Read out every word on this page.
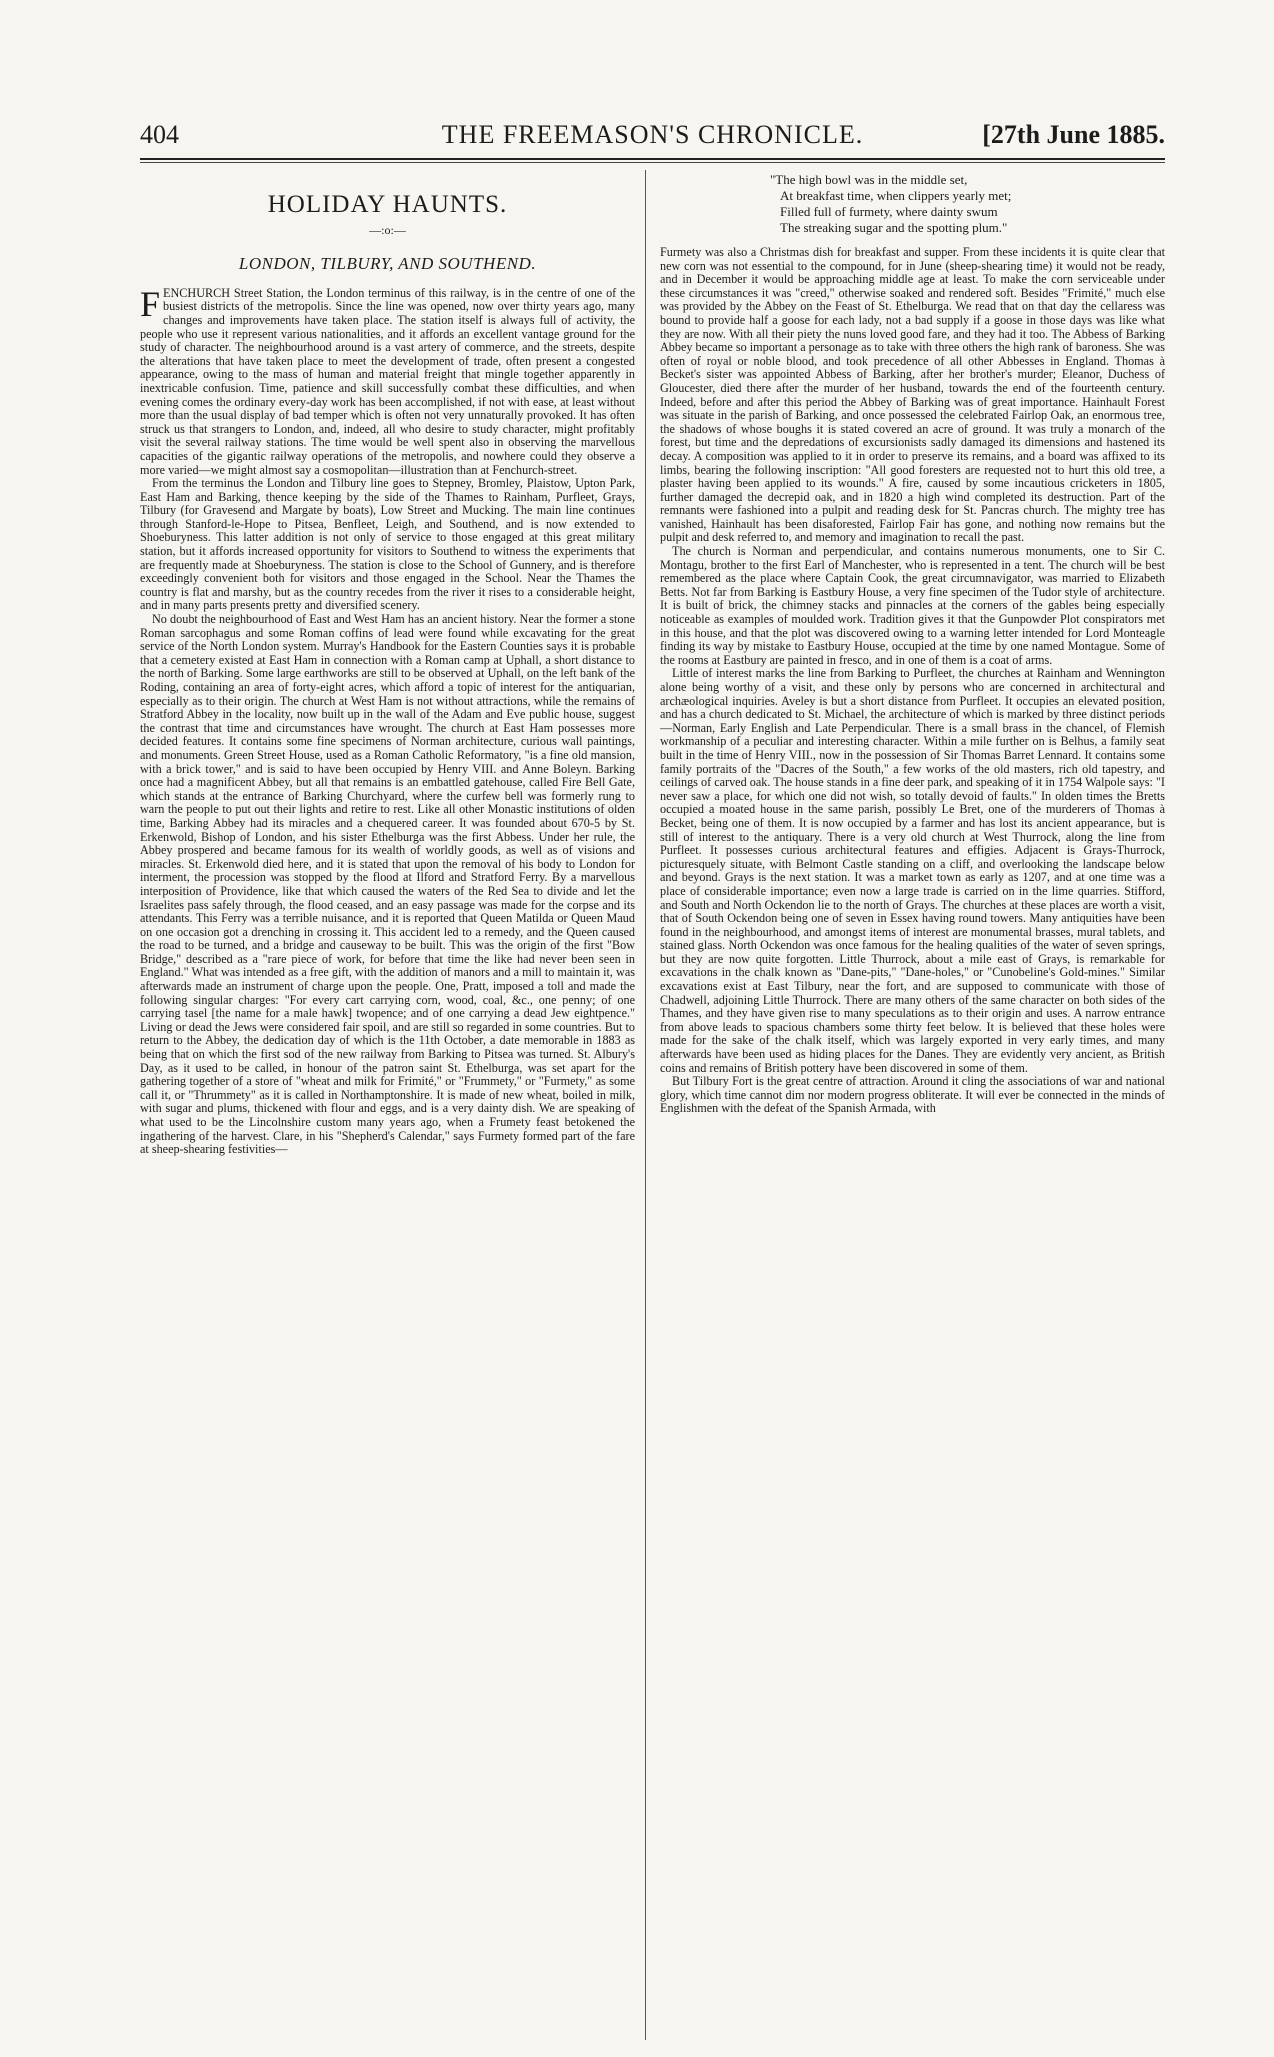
404	THE FREEMASON'S CHRONICLE.	[27th June 1885.
HOLIDAY HAUNTS.
—:o:—
LONDON, TILBURY, AND SOUTHEND.

FENCHURCH Street Station, the London terminus of this railway, is in the centre of one of the busiest districts of the metropolis. Since the line was opened, now over thirty years ago, many changes and improvements have taken place. The station itself is always full of activity, the people who use it represent various nationalities, and it affords an excellent vantage ground for the study of character. The neighbourhood around is a vast artery of commerce, and the streets, despite the alterations that have taken place to meet the development of trade, often present a congested appearance, owing to the mass of human and material freight that mingle together apparently in inextricable confusion. Time, patience and skill successfully combat these difficulties, and when evening comes the ordinary every-day work has been accomplished, if not with ease, at least without more than the usual display of bad temper which is often not very unnaturally provoked. It has often struck us that strangers to London, and, indeed, all who desire to study character, might profitably visit the several railway stations. The time would be well spent also in observing the marvellous capacities of the gigantic railway operations of the metropolis, and nowhere could they observe a more varied—we might almost say a cosmopolitan—illustration than at Fenchurch-street.

From the terminus the London and Tilbury line goes to Stepney, Bromley, Plaistow, Upton Park, East Ham and Barking, thence keeping by the side of the Thames to Rainham, Purfleet, Grays, Tilbury (for Gravesend and Margate by boats), Low Street and Mucking. The main line continues through Stanford-le-Hope to Pitsea, Benfleet, Leigh, and Southend, and is now extended to Shoeburyness. This latter addition is not only of service to those engaged at this great military station, but it affords increased opportunity for visitors to Southend to witness the experiments that are frequently made at Shoeburyness. The station is close to the School of Gunnery, and is therefore exceedingly convenient both for visitors and those engaged in the School. Near the Thames the country is flat and marshy, but as the country recedes from the river it rises to a considerable height, and in many parts presents pretty and diversified scenery.

No doubt the neighbourhood of East and West Ham has an ancient history. Near the former a stone Roman sarcophagus and some Roman coffins of lead were found while excavating for the great service of the North London system. Murray's Handbook for the Eastern Counties says it is probable that a cemetery existed at East Ham in connection with a Roman camp at Uphall, a short distance to the north of Barking. Some large earthworks are still to be observed at Uphall, on the left bank of the Roding, containing an area of forty-eight acres, which afford a topic of interest for the antiquarian, especially as to their origin. The church at West Ham is not without attractions, while the remains of Stratford Abbey in the locality, now built up in the wall of the Adam and Eve public house, suggest the contrast that time and circumstances have wrought. The church at East Ham possesses more decided features. It contains some fine specimens of Norman architecture, curious wall paintings, and monuments. Green Street House, used as a Roman Catholic Reformatory, "is a fine old mansion, with a brick tower," and is said to have been occupied by Henry VIII. and Anne Boleyn. Barking once had a magnificent Abbey, but all that remains is an embattled gatehouse, called Fire Bell Gate, which stands at the entrance of Barking Churchyard, where the curfew bell was formerly rung to warn the people to put out their lights and retire to rest. Like all other Monastic institutions of olden time, Barking Abbey had its miracles and a chequered career. It was founded about 670-5 by St. Erkenwold, Bishop of London, and his sister Ethelburga was the first Abbess. Under her rule, the Abbey prospered and became famous for its wealth of worldly goods, as well as of visions and miracles. St. Erkenwold died here, and it is stated that upon the removal of his body to London for interment, the procession was stopped by the flood at Ilford and Stratford Ferry. By a marvellous interposition of Providence, like that which caused the waters of the Red Sea to divide and let the Israelites pass safely through, the flood ceased, and an easy passage was made for the corpse and its attendants. This Ferry was a terrible nuisance, and it is reported that Queen Matilda or Queen Maud on one occasion got a drenching in crossing it. This accident led to a remedy, and the Queen caused the road to be turned, and a bridge and causeway to be built. This was the origin of the first "Bow Bridge," described as a "rare piece of work, for before that time the like had never been seen in England." What was intended as a free gift, with the addition of manors and a mill to maintain it, was afterwards made an instrument of charge upon the people. One, Pratt, imposed a toll and made the following singular charges: "For every cart carrying corn, wood, coal, &c., one penny; of one carrying tasel [the name for a male hawk] twopence; and of one carrying a dead Jew eightpence." Living or dead the Jews were considered fair spoil, and are still so regarded in some countries. But to return to the Abbey, the dedication day of which is the 11th October, a date memorable in 1883 as being that on which the first sod of the new railway from Barking to Pitsea was turned. St. Albury's Day, as it used to be called, in honour of the patron saint St. Ethelburga, was set apart for the gathering together of a store of "wheat and milk for Frimité," or "Frummety," or "Furmety," as some call it, or "Thrummety" as it is called in Northamptonshire. It is made of new wheat, boiled in milk, with sugar and plums, thickened with flour and eggs, and is a very dainty dish. We are speaking of what used to be the Lincolnshire custom many years ago, when a Frumety feast betokened the ingathering of the harvest. Clare, in his "Shepherd's Calendar," says Furmety formed part of the fare at sheep-shearing festivities—

"The high bowl was in the middle set,
At breakfast time, when clippers yearly met;
Filled full of furmety, where dainty swum
The streaking sugar and the spotting plum."

Furmety was also a Christmas dish for breakfast and supper. From these incidents it is quite clear that new corn was not essential to the compound, for in June (sheep-shearing time) it would not be ready, and in December it would be approaching middle age at least. To make the corn serviceable under these circumstances it was "creed," otherwise soaked and rendered soft. Besides "Frimité," much else was provided by the Abbey on the Feast of St. Ethelburga. We read that on that day the cellaress was bound to provide half a goose for each lady, not a bad supply if a goose in those days was like what they are now. With all their piety the nuns loved good fare, and they had it too. The Abbess of Barking Abbey became so important a personage as to take with three others the high rank of baroness. She was often of royal or noble blood, and took precedence of all other Abbesses in England. Thomas à Becket's sister was appointed Abbess of Barking, after her brother's murder; Eleanor, Duchess of Gloucester, died there after the murder of her husband, towards the end of the fourteenth century. Indeed, before and after this period the Abbey of Barking was of great importance. Hainhault Forest was situate in the parish of Barking, and once possessed the celebrated Fairlop Oak, an enormous tree, the shadows of whose boughs it is stated covered an acre of ground. It was truly a monarch of the forest, but time and the depredations of excursionists sadly damaged its dimensions and hastened its decay. A composition was applied to it in order to preserve its remains, and a board was affixed to its limbs, bearing the following inscription: "All good foresters are requested not to hurt this old tree, a plaster having been applied to its wounds." A fire, caused by some incautious cricketers in 1805, further damaged the decrepid oak, and in 1820 a high wind completed its destruction. Part of the remnants were fashioned into a pulpit and reading desk for St. Pancras church. The mighty tree has vanished, Hainhault has been disaforested, Fairlop Fair has gone, and nothing now remains but the pulpit and desk referred to, and memory and imagination to recall the past.

The church is Norman and perpendicular, and contains numerous monuments, one to Sir C. Montagu, brother to the first Earl of Manchester, who is represented in a tent. The church will be best remembered as the place where Captain Cook, the great circumnavigator, was married to Elizabeth Betts. Not far from Barking is Eastbury House, a very fine specimen of the Tudor style of architecture. It is built of brick, the chimney stacks and pinnacles at the corners of the gables being especially noticeable as examples of moulded work. Tradition gives it that the Gunpowder Plot conspirators met in this house, and that the plot was discovered owing to a warning letter intended for Lord Monteagle finding its way by mistake to Eastbury House, occupied at the time by one named Montague. Some of the rooms at Eastbury are painted in fresco, and in one of them is a coat of arms.

Little of interest marks the line from Barking to Purfleet, the churches at Rainham and Wennington alone being worthy of a visit, and these only by persons who are concerned in architectural and archæological inquiries. Aveley is but a short distance from Purfleet. It occupies an elevated position, and has a church dedicated to St. Michael, the architecture of which is marked by three distinct periods—Norman, Early English and Late Perpendicular. There is a small brass in the chancel, of Flemish workmanship of a peculiar and interesting character. Within a mile further on is Belhus, a family seat built in the time of Henry VIII., now in the possession of Sir Thomas Barret Lennard. It contains some family portraits of the "Dacres of the South," a few works of the old masters, rich old tapestry, and ceilings of carved oak. The house stands in a fine deer park, and speaking of it in 1754 Walpole says: "I never saw a place, for which one did not wish, so totally devoid of faults." In olden times the Bretts occupied a moated house in the same parish, possibly Le Bret, one of the murderers of Thomas à Becket, being one of them. It is now occupied by a farmer and has lost its ancient appearance, but is still of interest to the antiquary. There is a very old church at West Thurrock, along the line from Purfleet. It possesses curious architectural features and effigies. Adjacent is Grays-Thurrock, picturesquely situate, with Belmont Castle standing on a cliff, and overlooking the landscape below and beyond. Grays is the next station. It was a market town as early as 1207, and at one time was a place of considerable importance; even now a large trade is carried on in the lime quarries. Stifford, and South and North Ockendon lie to the north of Grays. The churches at these places are worth a visit, that of South Ockendon being one of seven in Essex having round towers. Many antiquities have been found in the neighbourhood, and amongst items of interest are monumental brasses, mural tablets, and stained glass. North Ockendon was once famous for the healing qualities of the water of seven springs, but they are now quite forgotten. Little Thurrock, about a mile east of Grays, is remarkable for excavations in the chalk known as "Dane-pits," "Dane-holes," or "Cunobeline's Gold-mines." Similar excavations exist at East Tilbury, near the fort, and are supposed to communicate with those of Chadwell, adjoining Little Thurrock. There are many others of the same character on both sides of the Thames, and they have given rise to many speculations as to their origin and uses. A narrow entrance from above leads to spacious chambers some thirty feet below. It is believed that these holes were made for the sake of the chalk itself, which was largely exported in very early times, and many afterwards have been used as hiding places for the Danes. They are evidently very ancient, as British coins and remains of British pottery have been discovered in some of them.

But Tilbury Fort is the great centre of attraction. Around it cling the associations of war and national glory, which time cannot dim nor modern progress obliterate. It will ever be connected in the minds of Englishmen with the defeat of the Spanish Armada, with
